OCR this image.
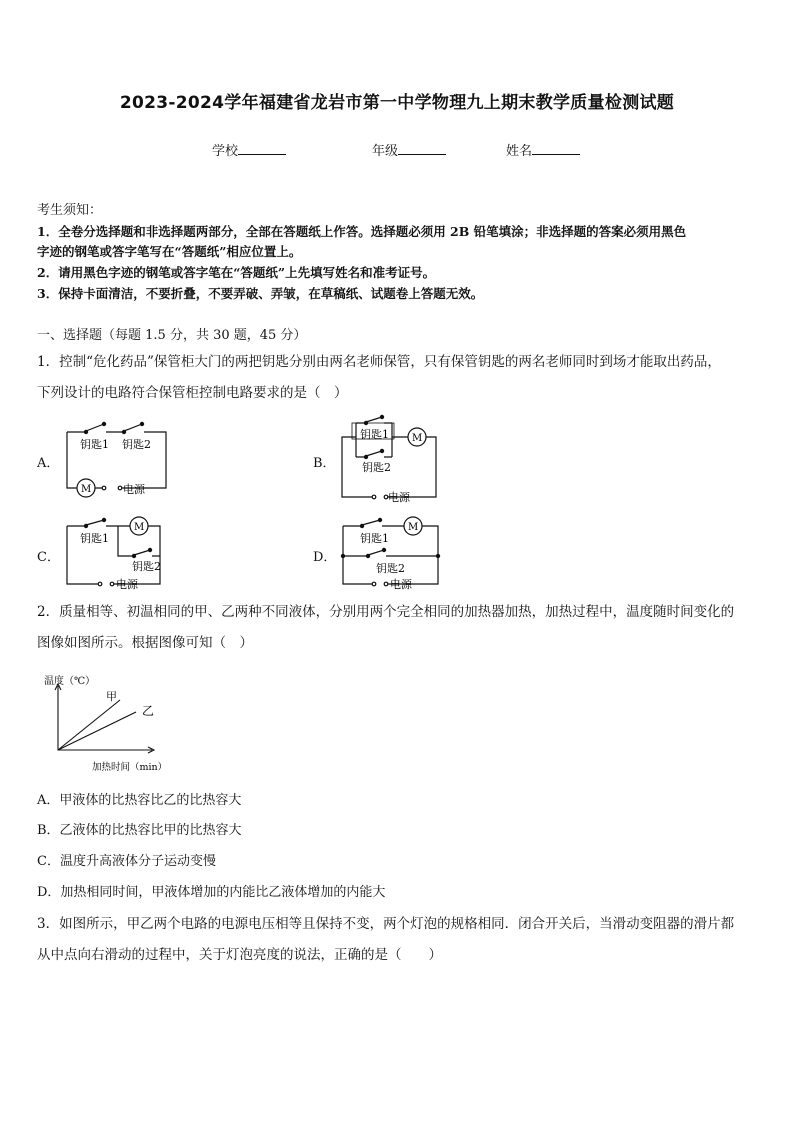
2023-2024学年福建省龙岩市第一中学物理九上期末教学质量检测试题
学校	年级	姓名
考生须知：
1．全卷分选择题和非选择题两部分，全部在答题纸上作答。选择题必须用 2B 铅笔填涂；非选择题的答案必须用黑色
字迹的钢笔或答字笔写在“答题纸”相应位置上。
2．请用黑色字迹的钢笔或答字笔在“答题纸”上先填写姓名和准考证号。
3．保持卡面清洁，不要折叠，不要弄破、弄皱，在草稿纸、试题卷上答题无效。
一、选择题（每题 1.5 分，共 30 题，45 分）
1．控制“危化药品”保管柜大门的两把钥匙分别由两名老师保管，只有保管钥匙的两名老师同时到场才能取出药品，
下列设计的电路符合保管柜控制电路要求的是（　）
A．	B．
C．	D．
钥匙1 钥匙2
M	电源
钥匙1
钥匙2
M
电源
钥匙1
钥匙2
M
电源
钥匙1
钥匙2
M
电源
2．质量相等、初温相同的甲、乙两种不同液体，分别用两个完全相同的加热器加热，加热过程中，温度随时间变化的
图像如图所示。根据图像可知（　）
温度（℃）
甲
乙
加热时间（min）
A．甲液体的比热容比乙的比热容大
B．乙液体的比热容比甲的比热容大
C．温度升高液体分子运动变慢
D．加热相同时间，甲液体增加的内能比乙液体增加的内能大
3．如图所示，甲乙两个电路的电源电压相等且保持不变，两个灯泡的规格相同．闭合开关后，当滑动变阻器的滑片都
从中点向右滑动的过程中，关于灯泡亮度的说法，正确的是（　　）
